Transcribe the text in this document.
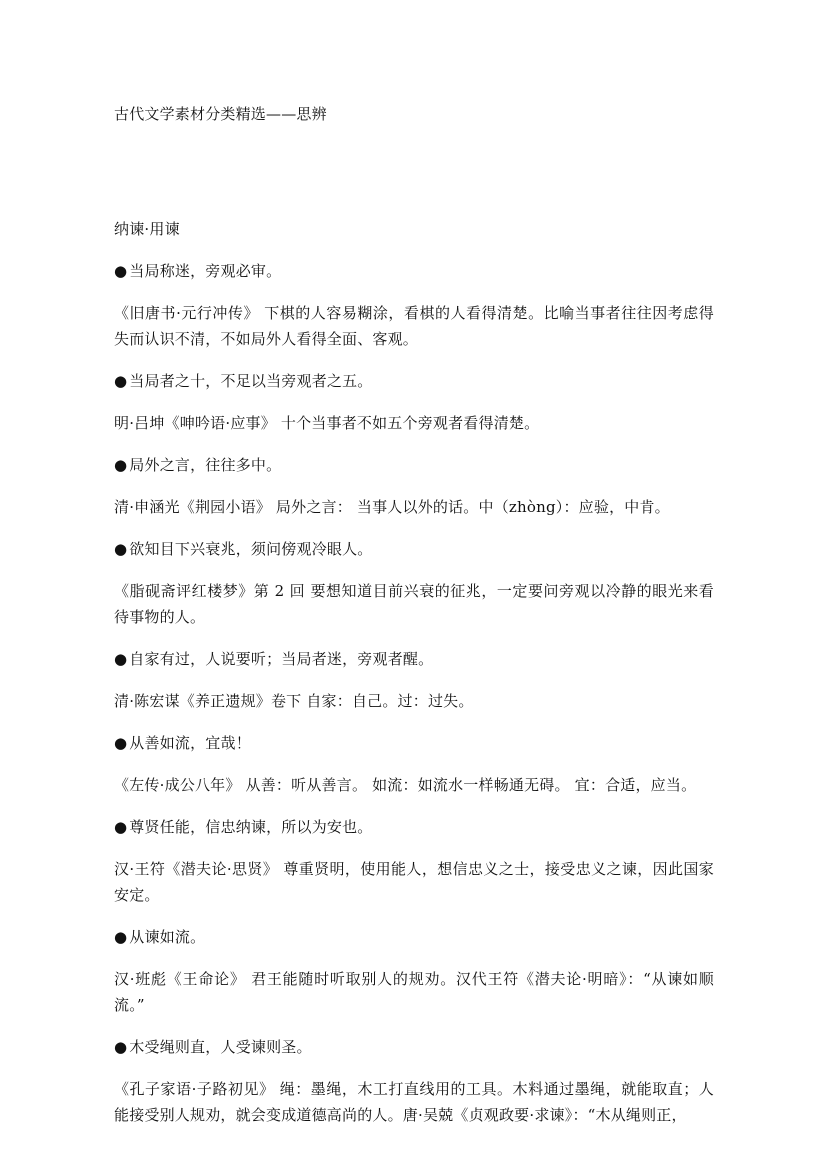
古代文学素材分类精选——思辨
纳谏·用谏
● 当局称迷，旁观必审。
《旧唐书·元行冲传》 下棋的人容易糊涂，看棋的人看得清楚。比喻当事者往往因考虑得失而认识不清，不如局外人看得全面、客观。
● 当局者之十，不足以当旁观者之五。
明·吕坤《呻吟语·应事》 十个当事者不如五个旁观者看得清楚。
● 局外之言，往往多中。
清·申涵光《荆园小语》 局外之言： 当事人以外的话。中（zhòng）：应验，中肯。
● 欲知目下兴衰兆，须问傍观冷眼人。
《脂砚斋评红楼梦》第 2 回 要想知道目前兴衰的征兆，一定要问旁观以冷静的眼光来看待事物的人。
● 自家有过，人说要听；当局者迷，旁观者醒。
清·陈宏谋《养正遗规》卷下 自家：自己。过：过失。
● 从善如流，宜哉！
《左传·成公八年》 从善：听从善言。 如流：如流水一样畅通无碍。 宜：合适，应当。
● 尊贤任能，信忠纳谏，所以为安也。
汉·王符《潜夫论·思贤》 尊重贤明，使用能人，想信忠义之士，接受忠义之谏，因此国家安定。
● 从谏如流。
汉·班彪《王命论》 君王能随时听取别人的规劝。汉代王符《潜夫论·明暗》：“从谏如顺流。”
● 木受绳则直，人受谏则圣。
《孔子家语·子路初见》 绳：墨绳，木工打直线用的工具。木料通过墨绳，就能取直；人能接受别人规劝，就会变成道德高尚的人。唐·吴兢《贞观政要·求谏》：“木从绳则正，
